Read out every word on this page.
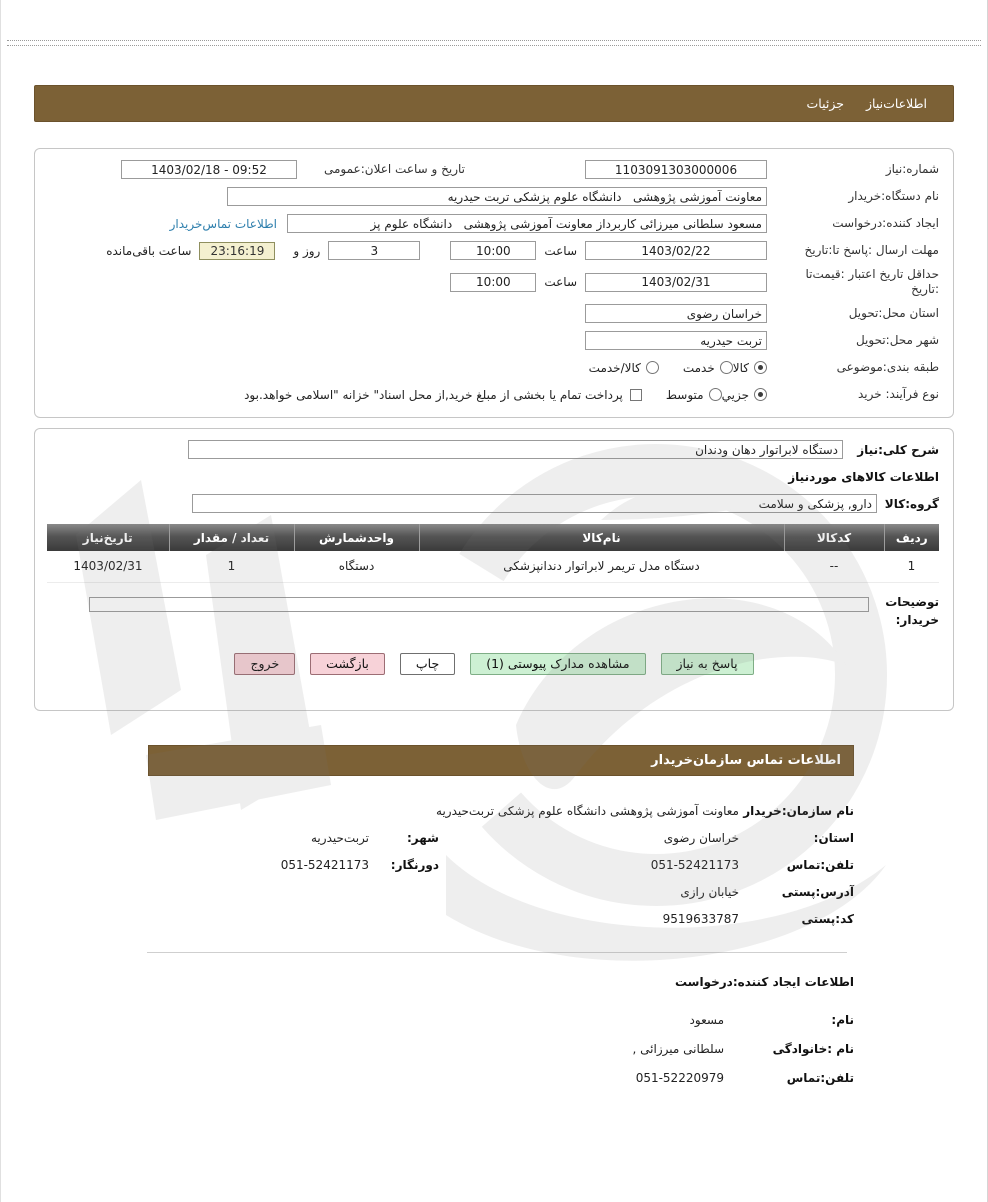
اطلاعات‌نیاز
جزئیات
شماره:نیاز
1103091303000006
تاریخ و ساعت اعلان:عمومی
1403/02/18 - 09:52
نام دستگاه:خریدار
معاونت آموزشی پژوهشی دانشگاه علوم پزشکی تربت حیدریه
ایجاد کننده:درخواست
مسعود سلطانی میرزائی کاربرداز معاونت آموزشی پژوهشی دانشگاه علوم پز
اطلاعات تماس‌خریدار
مهلت ارسال :پاسخ تا:تاریخ
1403/02/22
ساعت
10:00
3
روز و
23:16:19
ساعت باقی‌مانده
حداقل تاریخ اعتبار :قیمت‌تا :تاریخ
1403/02/31
ساعت
10:00
استان محل:تحویل
خراسان رضوی
شهر محل:تحویل
تربت حیدریه
طبقه بندی:موضوعی
کالا
خدمت
کالا/خدمت
نوع فرآیند: خرید
جزيي
متوسط
پرداخت تمام یا بخشی از مبلغ خرید,از محل اسناد" خزانه "اسلامی خواهد.بود
شرح کلی:نیاز
دستگاه لابراتوار دهان ودندان
اطلاعات کالاهای موردنیاز
گروه:کالا
دارو, پزشکی و سلامت
ردیف	کدکالا	نام‌کالا	واحدشمارش	تعداد / مقدار	تاریخ‌نیاز
1	--	دستگاه مدل تریمر لابراتوار دندانپزشکی	دستگاه	1	1403/02/31
توضیحات
خریدار:
پاسخ به نیاز
مشاهده مدارک پیوستی (1)
چاپ
بازگشت
خروج
اطلاعات تماس سازمان‌خریدار
نام سازمان:خریدار
معاونت آموزشی پژوهشی دانشگاه علوم پزشکی تربت‌حیدریه
استان:
خراسان رضوی
شهر:
تربت‌حیدریه
تلفن:تماس
051-52421173
دورنگار:
051-52421173
آدرس:پستی
خیابان رازی
کد:پستی
9519633787
اطلاعات ایجاد کننده:درخواست
نام:
مسعود
نام :خانوادگی
سلطانی میرزائی ,
تلفن:تماس
051-52220979
